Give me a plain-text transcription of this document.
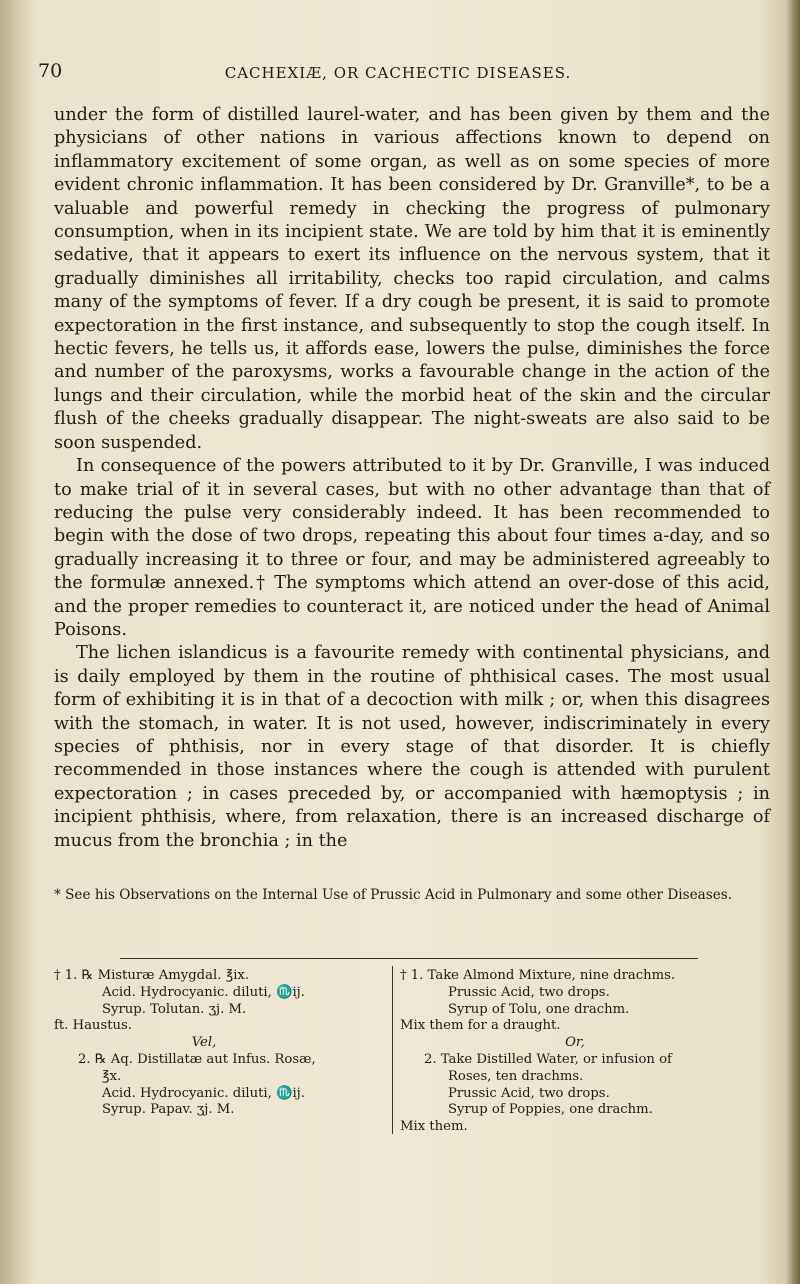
70	CACHEXIÆ, OR CACHECTIC DISEASES.

under the form of distilled laurel-water, and has been given by them and the physicians of other nations in various affections known to depend on inflammatory excitement of some organ, as well as on some species of more evident chronic inflammation. It has been considered by Dr. Granville*, to be a valuable and powerful remedy in checking the progress of pulmonary consumption, when in its incipient state. We are told by him that it is eminently sedative, that it appears to exert its influence on the nervous system, that it gradually diminishes all irritability, checks too rapid circulation, and calms many of the symptoms of fever. If a dry cough be present, it is said to promote expectoration in the first instance, and subsequently to stop the cough itself. In hectic fevers, he tells us, it affords ease, lowers the pulse, diminishes the force and number of the paroxysms, works a favourable change in the action of the lungs and their circulation, while the morbid heat of the skin and the circular flush of the cheeks gradually disappear. The night-sweats are also said to be soon suspended.

In consequence of the powers attributed to it by Dr. Granville, I was induced to make trial of it in several cases, but with no other advantage than that of reducing the pulse very considerably indeed. It has been recommended to begin with the dose of two drops, repeating this about four times a-day, and so gradually increasing it to three or four, and may be administered agreeably to the formulæ annexed.† The symptoms which attend an over-dose of this acid, and the proper remedies to counteract it, are noticed under the head of Animal Poisons.

The lichen islandicus is a favourite remedy with continental physicians, and is daily employed by them in the routine of phthisical cases. The most usual form of exhibiting it is in that of a decoction with milk ; or, when this disagrees with the stomach, in water. It is not used, however, indiscriminately in every species of phthisis, nor in every stage of that disorder. It is chiefly recommended in those instances where the cough is attended with purulent expectoration ; in cases preceded by, or accompanied with hæmoptysis ; in incipient phthisis, where, from relaxation, there is an increased discharge of mucus from the bronchia ; in the

* See his Observations on the Internal Use of Prussic Acid in Pulmonary and some other Diseases.
† 1. ℞ Misturæ Amygdal. ℥ix.
Acid. Hydrocyanic. diluti, ♏ij.
Syrup. Tolutan. ʒj. M.
ft. Haustus.
Vel,
2. ℞ Aq. Distillatæ aut Infus. Rosæ,
℥x.
Acid. Hydrocyanic. diluti, ♏ij.
Syrup. Papav. ʒj. M.
† 1. Take Almond Mixture, nine drachms.
Prussic Acid, two drops.
Syrup of Tolu, one drachm.
Mix them for a draught.
Or,
2. Take Distilled Water, or infusion of
Roses, ten drachms.
Prussic Acid, two drops.
Syrup of Poppies, one drachm.
Mix them.
